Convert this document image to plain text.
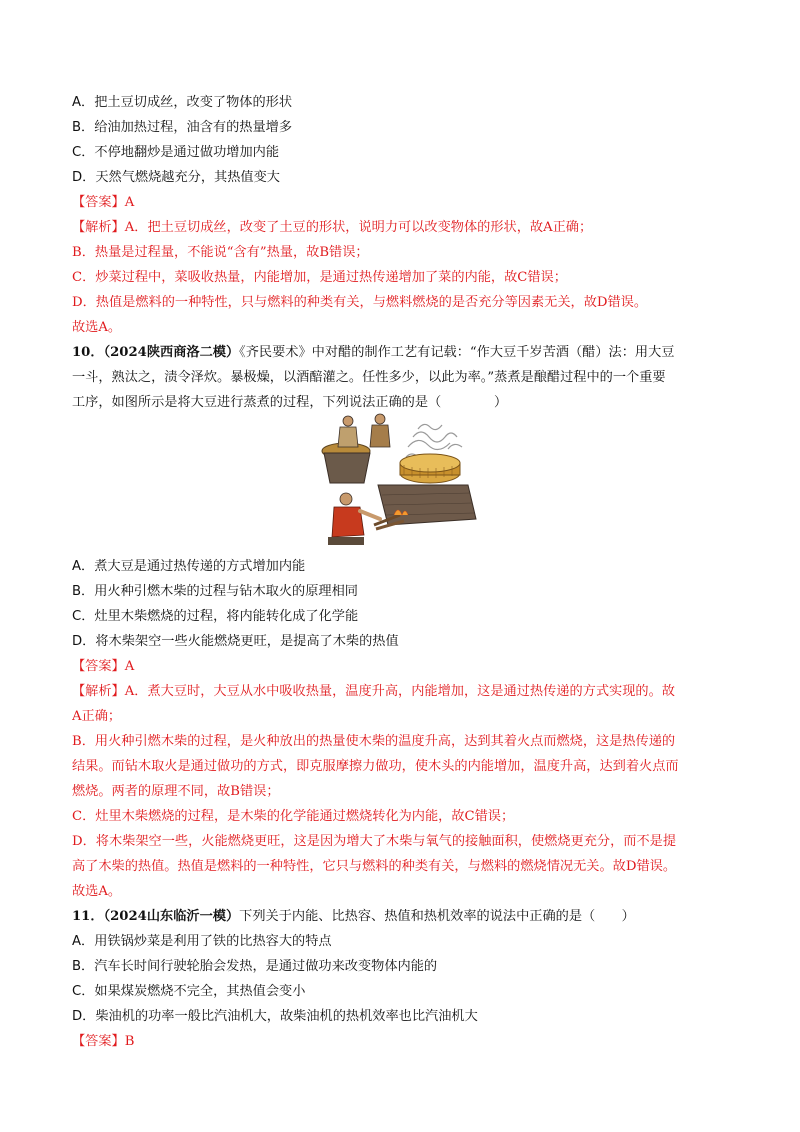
A．把土豆切成丝，改变了物体的形状
B．给油加热过程，油含有的热量增多
C．不停地翻炒是通过做功增加内能
D．天然气燃烧越充分，其热值变大
【答案】A
【解析】A．把土豆切成丝，改变了土豆的形状，说明力可以改变物体的形状，故A正确；
B．热量是过程量，不能说“含有”热量，故B错误；
C．炒菜过程中，菜吸收热量，内能增加，是通过热传递增加了菜的内能，故C错误；
D．热值是燃料的一种特性，只与燃料的种类有关，与燃料燃烧的是否充分等因素无关，故D错误。
故选A。
10．（2024陕西商洛二模）《齐民要术》中对醋的制作工艺有记载：“作大豆千岁苦酒（醋）法：用大豆
一斗，熟汰之，渍令泽炊。暴极燥，以酒醅灌之。任性多少，以此为率。”蒸煮是酿醋过程中的一个重要
工序，如图所示是将大豆进行蒸煮的过程，下列说法正确的是（　　　　）
A．煮大豆是通过热传递的方式增加内能
B．用火种引燃木柴的过程与钻木取火的原理相同
C．灶里木柴燃烧的过程，将内能转化成了化学能
D．将木柴架空一些火能燃烧更旺，是提高了木柴的热值
【答案】A
【解析】A．煮大豆时，大豆从水中吸收热量，温度升高，内能增加，这是通过热传递的方式实现的。故
A正确；
B．用火种引燃木柴的过程，是火种放出的热量使木柴的温度升高，达到其着火点而燃烧，这是热传递的
结果。而钻木取火是通过做功的方式，即克服摩擦力做功，使木头的内能增加，温度升高，达到着火点而
燃烧。两者的原理不同，故B错误；
C．灶里木柴燃烧的过程，是木柴的化学能通过燃烧转化为内能，故C错误；
D．将木柴架空一些，火能燃烧更旺，这是因为增大了木柴与氧气的接触面积，使燃烧更充分，而不是提
高了木柴的热值。热值是燃料的一种特性，它只与燃料的种类有关，与燃料的燃烧情况无关。故D错误。
故选A。
11．（2024山东临沂一模）下列关于内能、比热容、热值和热机效率的说法中正确的是（　　）
A．用铁锅炒菜是利用了铁的比热容大的特点
B．汽车长时间行驶轮胎会发热，是通过做功来改变物体内能的
C．如果煤炭燃烧不完全，其热值会变小
D．柴油机的功率一般比汽油机大，故柴油机的热机效率也比汽油机大
【答案】B
